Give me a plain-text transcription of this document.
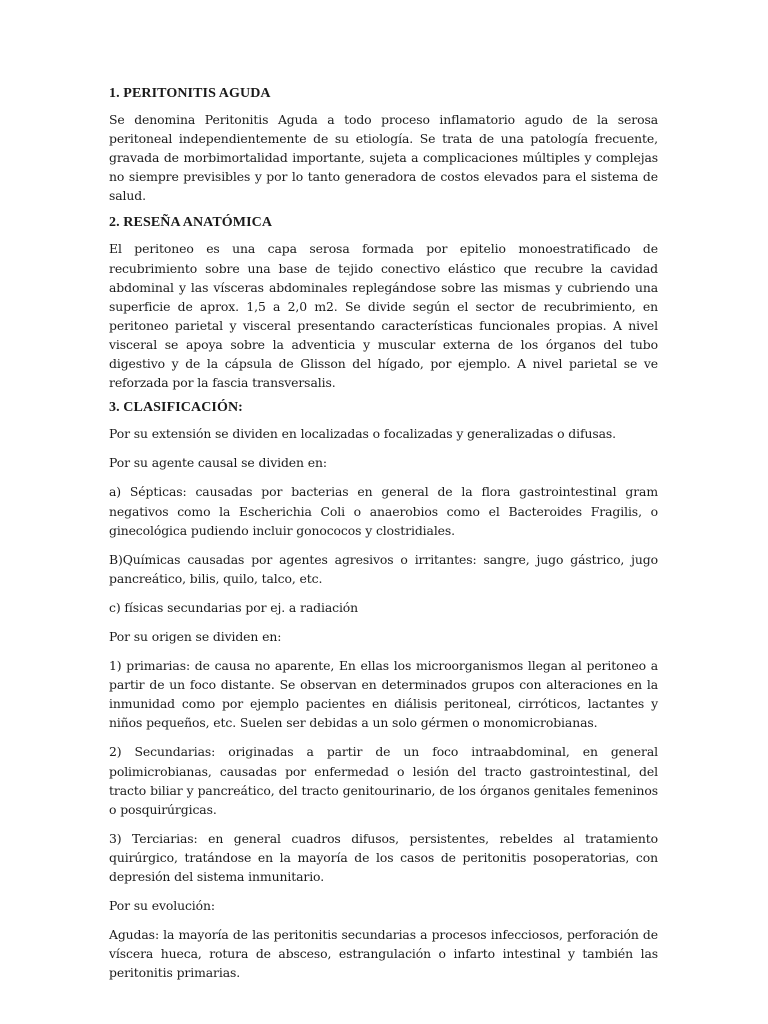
1. PERITONITIS AGUDA

Se denomina Peritonitis Aguda a todo proceso inflamatorio agudo de la serosa peritoneal independientemente de su etiología. Se trata de una patología frecuente, gravada de morbimortalidad importante, sujeta a complicaciones múltiples y complejas no siempre previsibles y por lo tanto generadora de costos elevados para el sistema de salud.

2. RESEÑA ANATÓMICA

El peritoneo es una capa serosa formada por epitelio monoestratificado de recubrimiento sobre una base de tejido conectivo elástico que recubre la cavidad abdominal y las vísceras abdominales replegándose sobre las mismas y cubriendo una superficie de aprox. 1,5 a 2,0 m2. Se divide según el sector de recubrimiento, en peritoneo parietal y visceral presentando características funcionales propias. A nivel visceral se apoya sobre la adventicia y muscular externa de los órganos del tubo digestivo y de la cápsula de Glisson del hígado, por ejemplo. A nivel parietal se ve reforzada por la fascia transversalis.

3. CLASIFICACIÓN:

Por su extensión se dividen en localizadas o focalizadas y generalizadas o difusas.

Por su agente causal se dividen en:

a) Sépticas: causadas por bacterias en general de la flora gastrointestinal gram negativos como la Escherichia Coli o anaerobios como el Bacteroides Fragilis, o ginecológica pudiendo incluir gonococos y clostridiales.

B)Químicas causadas por agentes agresivos o irritantes: sangre, jugo gástrico, jugo pancreático, bilis, quilo, talco, etc.

c) físicas secundarias por ej. a radiación

Por su origen se dividen en:

1) primarias: de causa no aparente, En ellas los microorganismos llegan al peritoneo a partir de un foco distante. Se observan en determinados grupos con alteraciones en la inmunidad como por ejemplo pacientes en diálisis peritoneal, cirróticos, lactantes y niños pequeños, etc. Suelen ser debidas a un solo gérmen o monomicrobianas.

2) Secundarias: originadas a partir de un foco intraabdominal, en general polimicrobianas, causadas por enfermedad o lesión del tracto gastrointestinal, del tracto biliar y pancreático, del tracto genitourinario, de los órganos genitales femeninos o posquirúrgicas.

3) Terciarias: en general cuadros difusos, persistentes, rebeldes al tratamiento quirúrgico, tratándose en la mayoría de los casos de peritonitis posoperatorias, con depresión del sistema inmunitario.

Por su evolución:

Agudas: la mayoría de las peritonitis secundarias a procesos infecciosos, perforación de víscera hueca, rotura de absceso, estrangulación o infarto intestinal y también las peritonitis primarias.
